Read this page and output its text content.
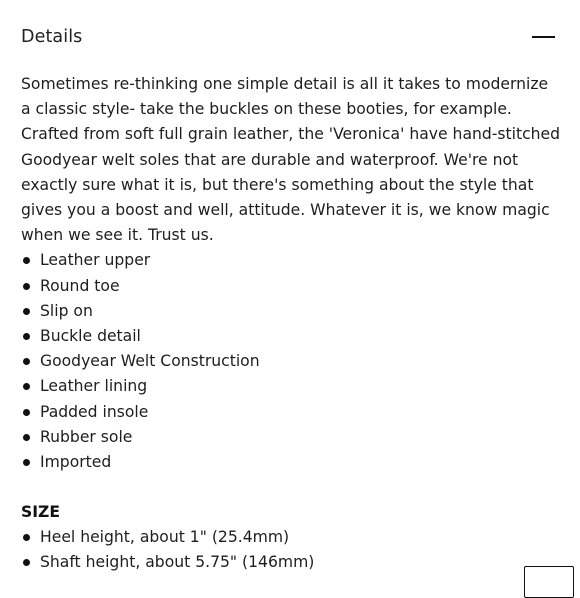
Details

Sometimes re-thinking one simple detail is all it takes to modernize a classic style- take the buckles on these booties, for example. Crafted from soft full grain leather, the 'Veronica' have hand-stitched Goodyear welt soles that are durable and waterproof. We're not exactly sure what it is, but there's something about the style that gives you a boost and well, attitude. Whatever it is, we know magic when we see it. Trust us.

Leather upper
Round toe
Slip on
Buckle detail
Goodyear Welt Construction
Leather lining
Padded insole
Rubber sole
Imported
SIZE
Heel height, about 1" (25.4mm)
Shaft height, about 5.75" (146mm)
